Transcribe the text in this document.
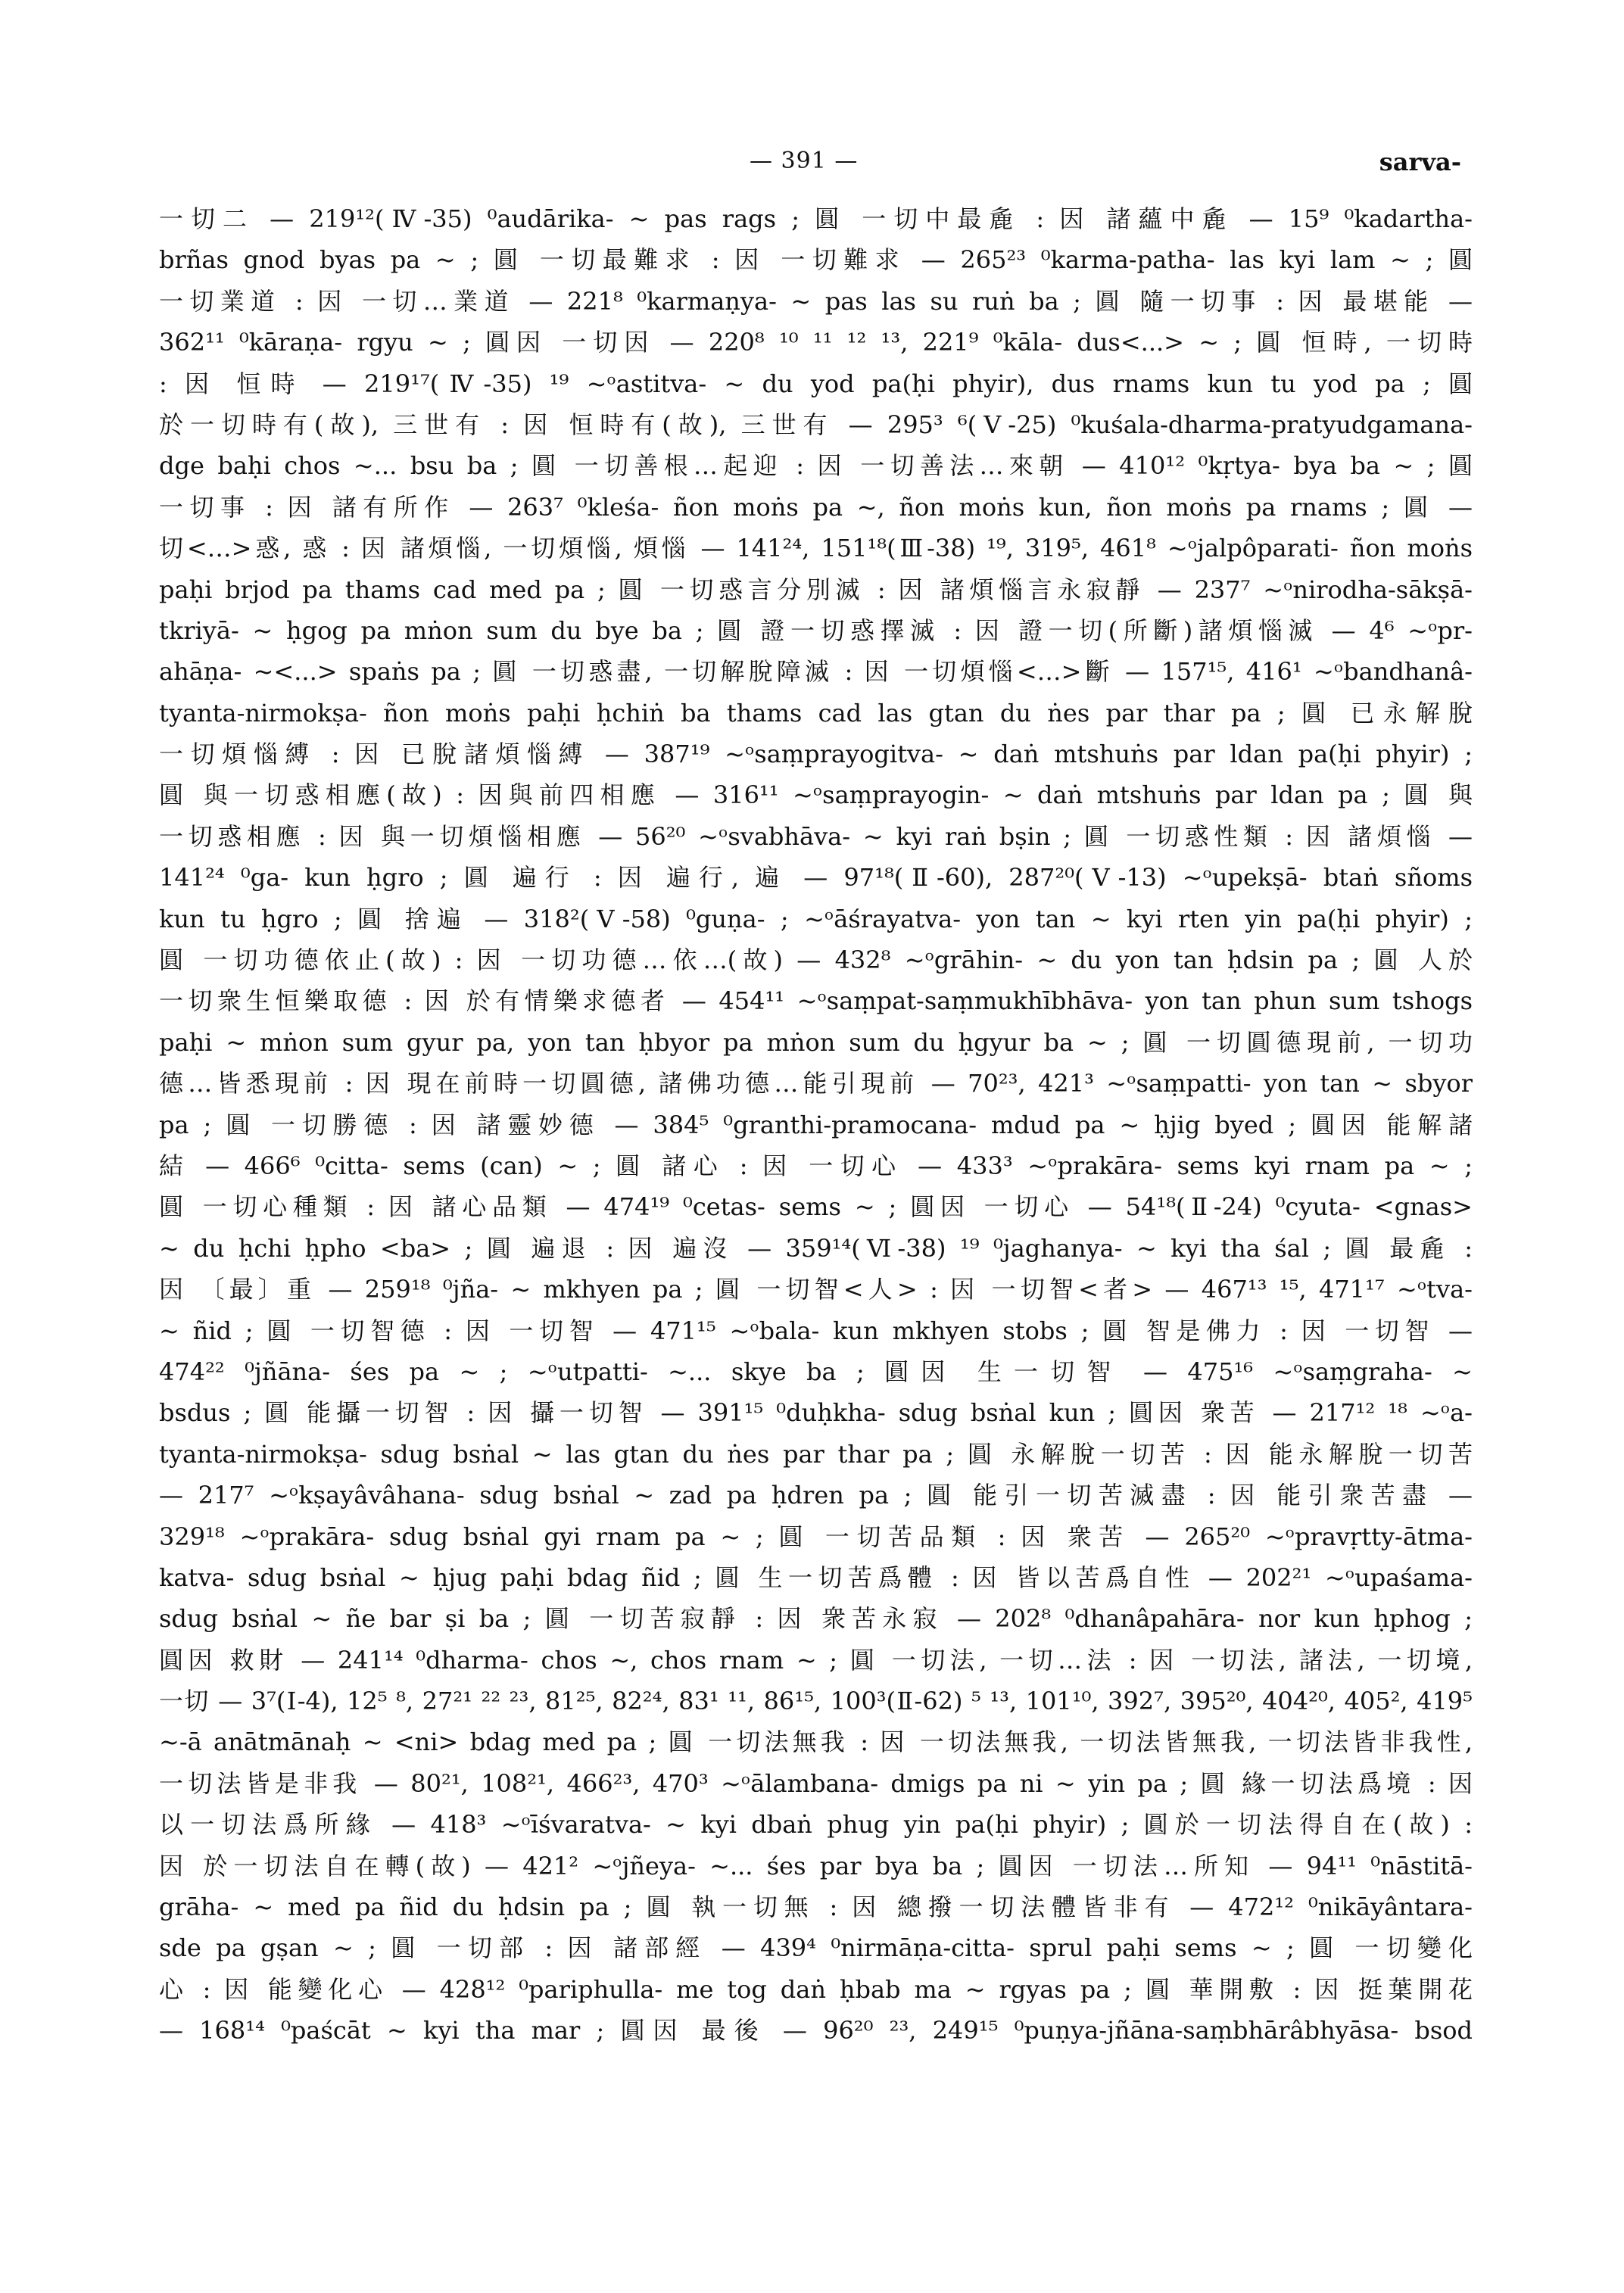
— 391 —	sarva-
一切二 — 219¹²(Ⅳ-35) ⁰audārika- ~ pas rags ; 圓 一切中最麁 : 因 諸蘊中麁 — 15⁹ ⁰kadartha-
brñas gnod byas pa ~ ; 圓 一切最難求 : 因 一切難求 — 265²³ ⁰karma-patha- las kyi lam ~ ; 圓
一切業道 : 因 一切…業道 — 221⁸ ⁰karmaṇya- ~ pas las su ruṅ ba ; 圓 隨一切事 : 因 最堪能 —
362¹¹ ⁰kāraṇa- rgyu ~ ; 圓因 一切因 — 220⁸ ¹⁰ ¹¹ ¹² ¹³, 221⁹ ⁰kāla- dus<...> ~ ; 圓 恒時, 一切時
: 因 恒時 — 219¹⁷(Ⅳ-35) ¹⁹ ~ᵒastitva- ~ du yod pa(ḥi phyir), dus rnams kun tu yod pa ; 圓
於一切時有(故), 三世有 : 因 恒時有(故), 三世有 — 295³ ⁶(Ⅴ-25) ⁰kuśala-dharma-pratyudgamana-
dge baḥi chos ~... bsu ba ; 圓 一切善根…起迎 : 因 一切善法…來朝 — 410¹² ⁰kṛtya- bya ba ~ ; 圓
一切事 : 因 諸有所作 — 263⁷ ⁰kleśa- ñon moṅs pa ~, ñon moṅs kun, ñon moṅs pa rnams ; 圓 —
切<…>惑, 惑 : 因 諸煩惱, 一切煩惱, 煩惱 — 141²⁴, 151¹⁸(Ⅲ-38) ¹⁹, 319⁵, 461⁸ ~ᵒjalpôparati- ñon moṅs
paḥi brjod pa thams cad med pa ; 圓 一切惑言分別滅 : 因 諸煩惱言永寂靜 — 237⁷ ~ᵒnirodha-sākṣā-
tkriyā- ~ ḥgog pa mṅon sum du bye ba ; 圓 證一切惑擇滅 : 因 證一切(所斷)諸煩惱滅 — 4⁶ ~ᵒpr-
ahāṇa- ~<...> spaṅs pa ; 圓 一切惑盡, 一切解脫障滅 : 因 一切煩惱<…>斷 — 157¹⁵, 416¹ ~ᵒbandhanâ-
tyanta-nirmokṣa- ñon moṅs paḥi ḥchiṅ ba thams cad las gtan du ṅes par thar pa ; 圓 已永解脫
一切煩惱縛 : 因 已脫諸煩惱縛 — 387¹⁹ ~ᵒsaṃprayogitva- ~ daṅ mtshuṅs par ldan pa(ḥi phyir) ;
圓 與一切惑相應(故) : 因與前四相應 — 316¹¹ ~ᵒsaṃprayogin- ~ daṅ mtshuṅs par ldan pa ; 圓 與
一切惑相應 : 因 與一切煩惱相應 — 56²⁰ ~ᵒsvabhāva- ~ kyi raṅ bṣin ; 圓 一切惑性類 : 因 諸煩惱 —
141²⁴ ⁰ga- kun ḥgro ; 圓 遍行 : 因 遍行, 遍 — 97¹⁸(Ⅱ-60), 287²⁰(Ⅴ-13) ~ᵒupekṣā- btaṅ sñoms
kun tu ḥgro ; 圓 捨遍 — 318²(Ⅴ-58) ⁰guṇa- ; ~ᵒāśrayatva- yon tan ~ kyi rten yin pa(ḥi phyir) ;
圓 一切功德依止(故) : 因 一切功德…依…(故) — 432⁸ ~ᵒgrāhin- ~ du yon tan ḥdsin pa ; 圓 人於
一切衆生恒樂取德 : 因 於有情樂求德者 — 454¹¹ ~ᵒsaṃpat-saṃmukhībhāva- yon tan phun sum tshogs
paḥi ~ mṅon sum gyur pa, yon tan ḥbyor pa mṅon sum du ḥgyur ba ~ ; 圓 一切圓德現前, 一切功
德…皆悉現前 : 因 現在前時一切圓德, 諸佛功德…能引現前 — 70²³, 421³ ~ᵒsaṃpatti- yon tan ~ sbyor
pa ; 圓 一切勝德 : 因 諸靈妙德 — 384⁵ ⁰granthi-pramocana- mdud pa ~ ḥjig byed ; 圓因 能解諸
結 — 466⁶ ⁰citta- sems (can) ~ ; 圓 諸心 : 因 一切心 — 433³ ~ᵒprakāra- sems kyi rnam pa ~ ;
圓 一切心種類 : 因 諸心品類 — 474¹⁹ ⁰cetas- sems ~ ; 圓因 一切心 — 54¹⁸(Ⅱ-24) ⁰cyuta- <gnas>
~ du ḥchi ḥpho <ba> ; 圓 遍退 : 因 遍沒 — 359¹⁴(Ⅵ-38) ¹⁹ ⁰jaghanya- ~ kyi tha śal ; 圓 最麁 :
因 〔最〕重 — 259¹⁸ ⁰jña- ~ mkhyen pa ; 圓 一切智<人> : 因 一切智<者> — 467¹³ ¹⁵, 471¹⁷ ~ᵒtva-
~ ñid ; 圓 一切智德 : 因 一切智 — 471¹⁵ ~ᵒbala- kun mkhyen stobs ; 圓 智是佛力 : 因 一切智 —
474²² ⁰jñāna- śes pa ~ ; ~ᵒutpatti- ~... skye ba ; 圓因 生一切智 — 475¹⁶ ~ᵒsaṃgraha- ~
bsdus ; 圓 能攝一切智 : 因 攝一切智 — 391¹⁵ ⁰duḥkha- sdug bsṅal kun ; 圓因 衆苦 — 217¹² ¹⁸ ~ᵒa-
tyanta-nirmokṣa- sdug bsṅal ~ las gtan du ṅes par thar pa ; 圓 永解脫一切苦 : 因 能永解脫一切苦
— 217⁷ ~ᵒkṣayâvâhana- sdug bsṅal ~ zad pa ḥdren pa ; 圓 能引一切苦滅盡 : 因 能引衆苦盡 —
329¹⁸ ~ᵒprakāra- sdug bsṅal gyi rnam pa ~ ; 圓 一切苦品類 : 因 衆苦 — 265²⁰ ~ᵒpravṛtty-ātma-
katva- sdug bsṅal ~ ḥjug paḥi bdag ñid ; 圓 生一切苦爲體 : 因 皆以苦爲自性 — 202²¹ ~ᵒupaśama-
sdug bsṅal ~ ñe bar ṣi ba ; 圓 一切苦寂靜 : 因 衆苦永寂 — 202⁸ ⁰dhanâpahāra- nor kun ḥphog ;
圓因 救財 — 241¹⁴ ⁰dharma- chos ~, chos rnam ~ ; 圓 一切法, 一切…法 : 因 一切法, 諸法, 一切境,
一切 — 3⁷(Ⅰ-4), 12⁵ ⁸, 27²¹ ²² ²³, 81²⁵, 82²⁴, 83¹ ¹¹, 86¹⁵, 100³(Ⅱ-62) ⁵ ¹³, 101¹⁰, 392⁷, 395²⁰, 404²⁰, 405², 419⁵
~-ā anātmānaḥ ~ <ni> bdag med pa ; 圓 一切法無我 : 因 一切法無我, 一切法皆無我, 一切法皆非我性,
一切法皆是非我 — 80²¹, 108²¹, 466²³, 470³ ~ᵒālambana- dmigs pa ni ~ yin pa ; 圓 緣一切法爲境 : 因
以一切法爲所緣 — 418³ ~ᵒīśvaratva- ~ kyi dbaṅ phug yin pa(ḥi phyir) ; 圓於一切法得自在(故) :
因 於一切法自在轉(故) — 421² ~ᵒjñeya- ~... śes par bya ba ; 圓因 一切法…所知 — 94¹¹ ⁰nāstitā-
grāha- ~ med pa ñid du ḥdsin pa ; 圓 執一切無 : 因 總撥一切法體皆非有 — 472¹² ⁰nikāyântara-
sde pa gṣan ~ ; 圓 一切部 : 因 諸部經 — 439⁴ ⁰nirmāṇa-citta- sprul paḥi sems ~ ; 圓 一切變化
心 : 因 能變化心 — 428¹² ⁰pariphulla- me tog daṅ ḥbab ma ~ rgyas pa ; 圓 華開敷 : 因 挺葉開花
— 168¹⁴ ⁰paścāt ~ kyi tha mar ; 圓因 最後 — 96²⁰ ²³, 249¹⁵ ⁰puṇya-jñāna-saṃbhārâbhyāsa- bsod
